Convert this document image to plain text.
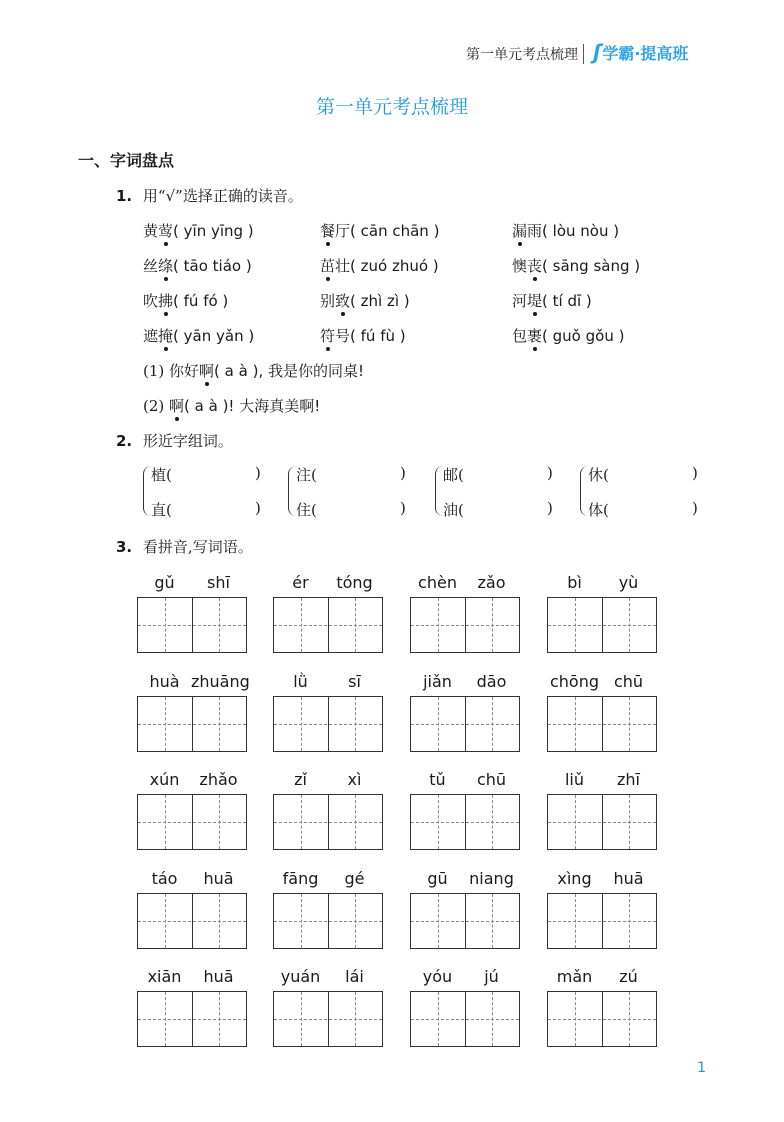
第一单元考点梳理 ʃ学霸·提高班
第一单元考点梳理
一、字词盘点
1. 用“√”选择正确的读音。
黄莺( yīn yīng )	餐厅( cān chān )	漏雨( lòu nòu )
丝绦( tāo tiáo )	茁壮( zuó zhuó )	懊丧( sāng sàng )
吹拂( fú fó )	别致( zhì zì )	河堤( tí dī )
遮掩( yān yǎn )	符号( fú fù )	包裹( guǒ gǒu )
(1) 你好啊( a à ), 我是你的同桌!
(2) 啊( a à )! 大海真美啊!
2. 形近字组词。
植(	)
直(	)
注(	)
住(	)
邮(	)
油(	)
休(	)
体(	)
3. 看拼音,写词语。
gǔ	shī	ér	tóng	chèn	zǎo	bì	yù
huà zhuāng	lǜ	sī	jiǎn	dāo	chōng chū
xún	zhǎo	zǐ	xì	tǔ	chū	liǔ	zhī
táo	huā	fāng	gé	gū	niang	xìng	huā
xiān	huā	yuán	lái	yóu	jú	mǎn	zú
1
